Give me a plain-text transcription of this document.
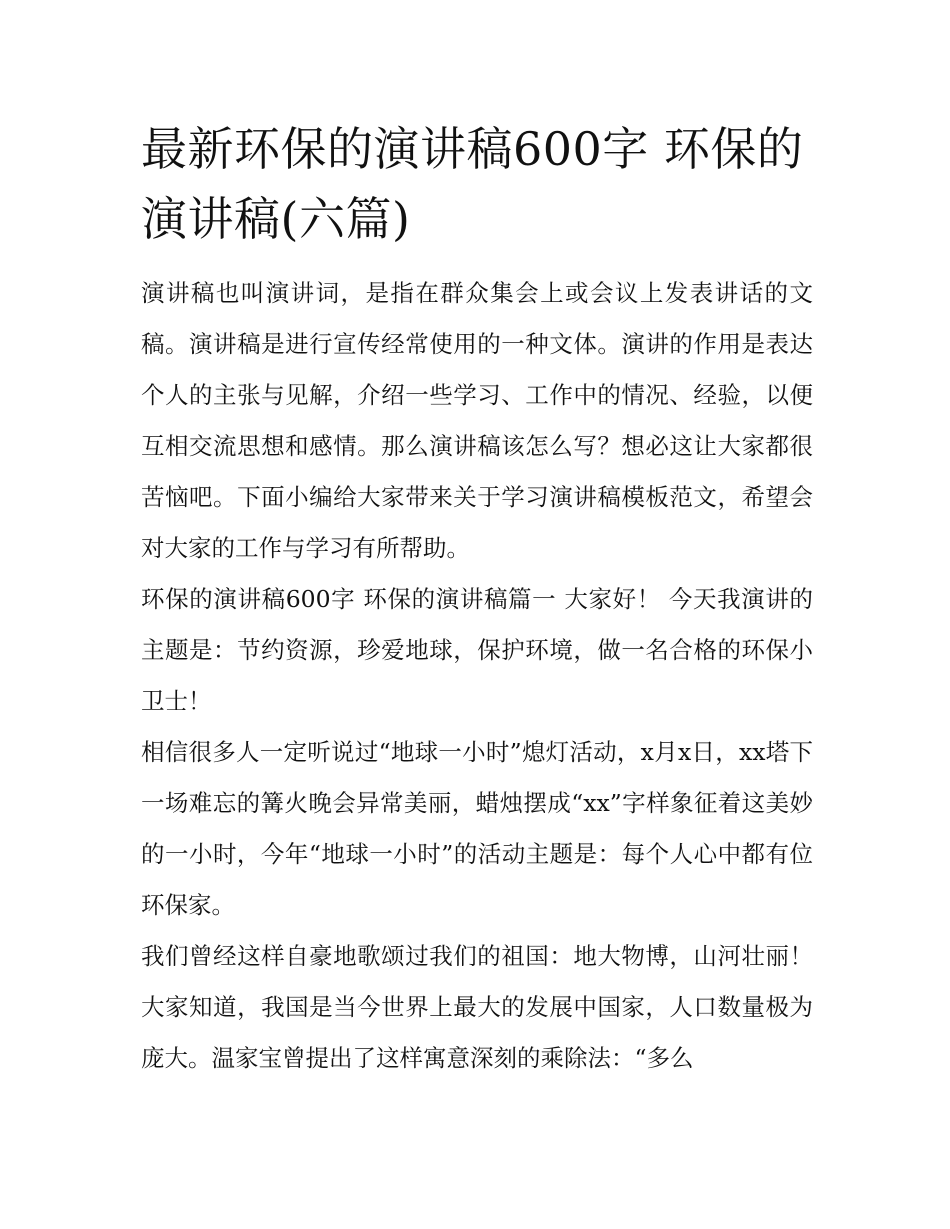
最新环保的演讲稿600字 环保的演讲稿(六篇)

演讲稿也叫演讲词，是指在群众集会上或会议上发表讲话的文稿。演讲稿是进行宣传经常使用的一种文体。演讲的作用是表达个人的主张与见解，介绍一些学习、工作中的情况、经验，以便互相交流思想和感情。那么演讲稿该怎么写？想必这让大家都很苦恼吧。下面小编给大家带来关于学习演讲稿模板范文，希望会对大家的工作与学习有所帮助。

环保的演讲稿600字 环保的演讲稿篇一 大家好！ 今天我演讲的主题是：节约资源，珍爱地球，保护环境，做一名合格的环保小卫士！

相信很多人一定听说过“地球一小时”熄灯活动，x月x日，xx塔下一场难忘的篝火晚会异常美丽，蜡烛摆成“xx”字样象征着这美妙的一小时，今年“地球一小时”的活动主题是：每个人心中都有位环保家。

我们曾经这样自豪地歌颂过我们的祖国：地大物博，山河壮丽！大家知道，我国是当今世界上最大的发展中国家，人口数量极为庞大。温家宝曾提出了这样寓意深刻的乘除法：“多么
